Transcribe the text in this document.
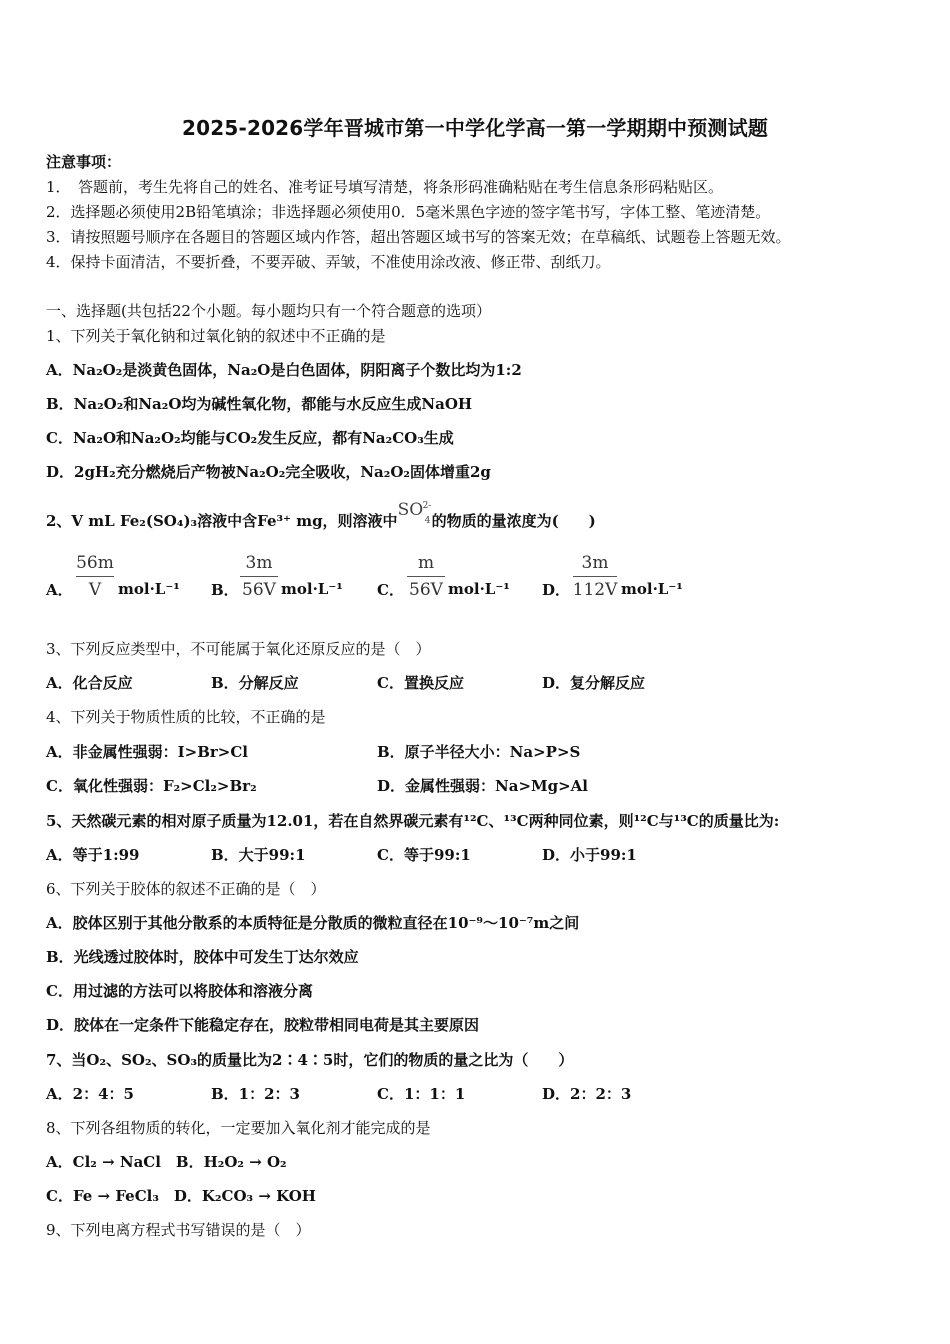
2025-2026学年晋城市第一中学化学高一第一学期期中预测试题
注意事项：
1．　答题前，考生先将自己的姓名、准考证号填写清楚，将条形码准确粘贴在考生信息条形码粘贴区。
2．选择题必须使用2B铅笔填涂；非选择题必须使用0．5毫米黑色字迹的签字笔书写，字体工整、笔迹清楚。
3．请按照题号顺序在各题目的答题区域内作答，超出答题区域书写的答案无效；在草稿纸、试题卷上答题无效。
4．保持卡面清洁，不要折叠，不要弄破、弄皱，不准使用涂改液、修正带、刮纸刀。
一、选择题(共包括22个小题。每小题均只有一个符合题意的选项）
1、下列关于氧化钠和过氧化钠的叙述中不正确的是
A．Na₂O₂是淡黄色固体，Na₂O是白色固体，阴阳离子个数比均为1:2
B．Na₂O₂和Na₂O均为碱性氧化物，都能与水反应生成NaOH
C．Na₂O和Na₂O₂均能与CO₂发生反应，都有Na₂CO₃生成
D．2gH₂充分燃烧后产物被Na₂O₂完全吸收，Na₂O₂固体增重2g
2、V mL Fe₂(SO₄)₃溶液中含Fe³⁺ mg，则溶液中
SO 2-
4 的物质的量浓度为(　　)
A．
56m
V	mol·L⁻¹ B．
3m
56V mol·L⁻¹ C．
m
56V mol·L⁻¹ D．
3m
112V mol·L⁻¹
3、下列反应类型中，不可能属于氧化还原反应的是（　）
A．化合反应	B．分解反应	C．置换反应	D．复分解反应
4、下列关于物质性质的比较，不正确的是
A．非金属性强弱：I>Br>Cl	B．原子半径大小：Na>P>S
C．氧化性强弱：F₂>Cl₂>Br₂	D．金属性强弱：Na>Mg>Al
5、天然碳元素的相对原子质量为12.01，若在自然界碳元素有¹²C、¹³C两种同位素，则¹²C与¹³C的质量比为:
A．等于1:99	B．大于99:1	C．等于99:1	D．小于99:1
6、下列关于胶体的叙述不正确的是（　）
A．胶体区别于其他分散系的本质特征是分散质的微粒直径在10⁻⁹～10⁻⁷m之间
B．光线透过胶体时，胶体中可发生丁达尔效应
C．用过滤的方法可以将胶体和溶液分离
D．胶体在一定条件下能稳定存在，胶粒带相同电荷是其主要原因
7、当O₂、SO₂、SO₃的质量比为2∶4∶5时，它们的物质的量之比为（　　）
A．2：4：5	B．1：2：3	C．1：1：1	D．2：2：3
8、下列各组物质的转化，一定要加入氧化剂才能完成的是
A．Cl₂ → NaCl　B．H₂O₂ → O₂
C．Fe → FeCl₃　D．K₂CO₃ → KOH
9、下列电离方程式书写错误的是（　）
